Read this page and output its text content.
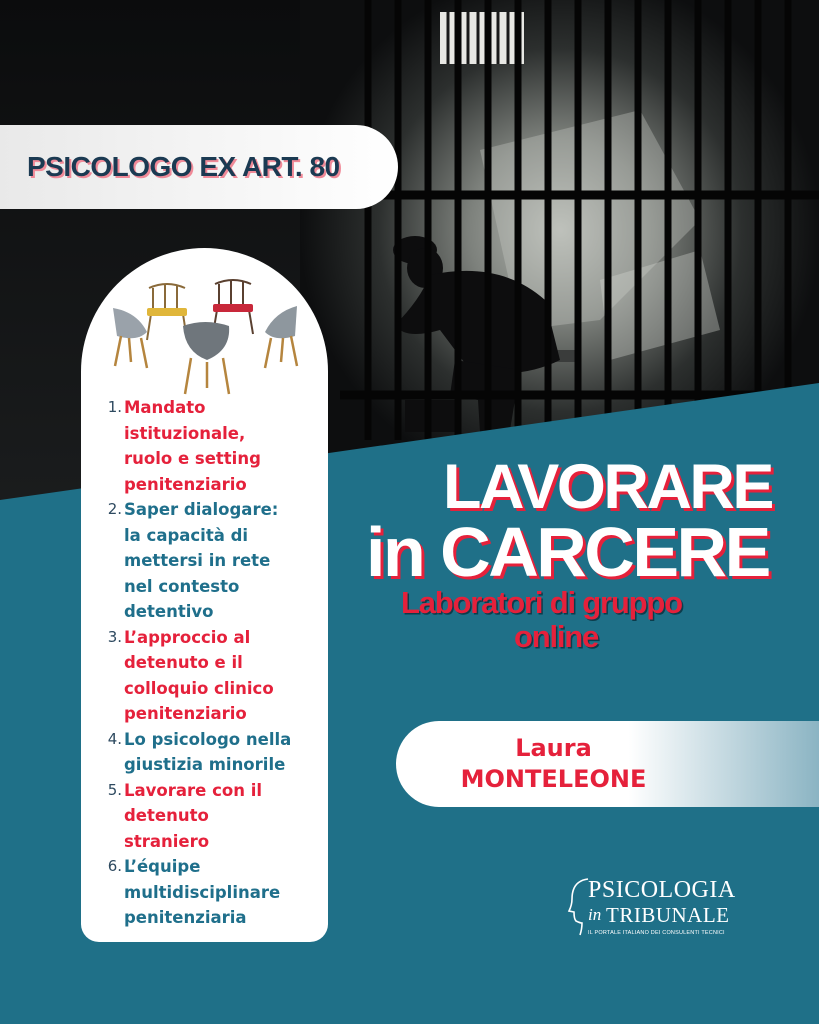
PSICOLOGO EX ART. 80
1. Mandato
istituzionale,
ruolo e setting
penitenziario
2. Saper dialogare:
la capacità di
mettersi in rete
nel contesto
detentivo
3. L’approccio al
detenuto e il
colloquio clinico
penitenziario
4. Lo psicologo nella
giustizia minorile
5. Lavorare con il
detenuto
straniero
6. L’équipe
multidisciplinare
penitenziaria
LAVORARE
in CARCERE
Laboratori di gruppo
online
Laura
MONTELEONE
PSICOLOGIA
in TRIBUNALE
IL PORTALE ITALIANO DEI CONSULENTI TECNICI
